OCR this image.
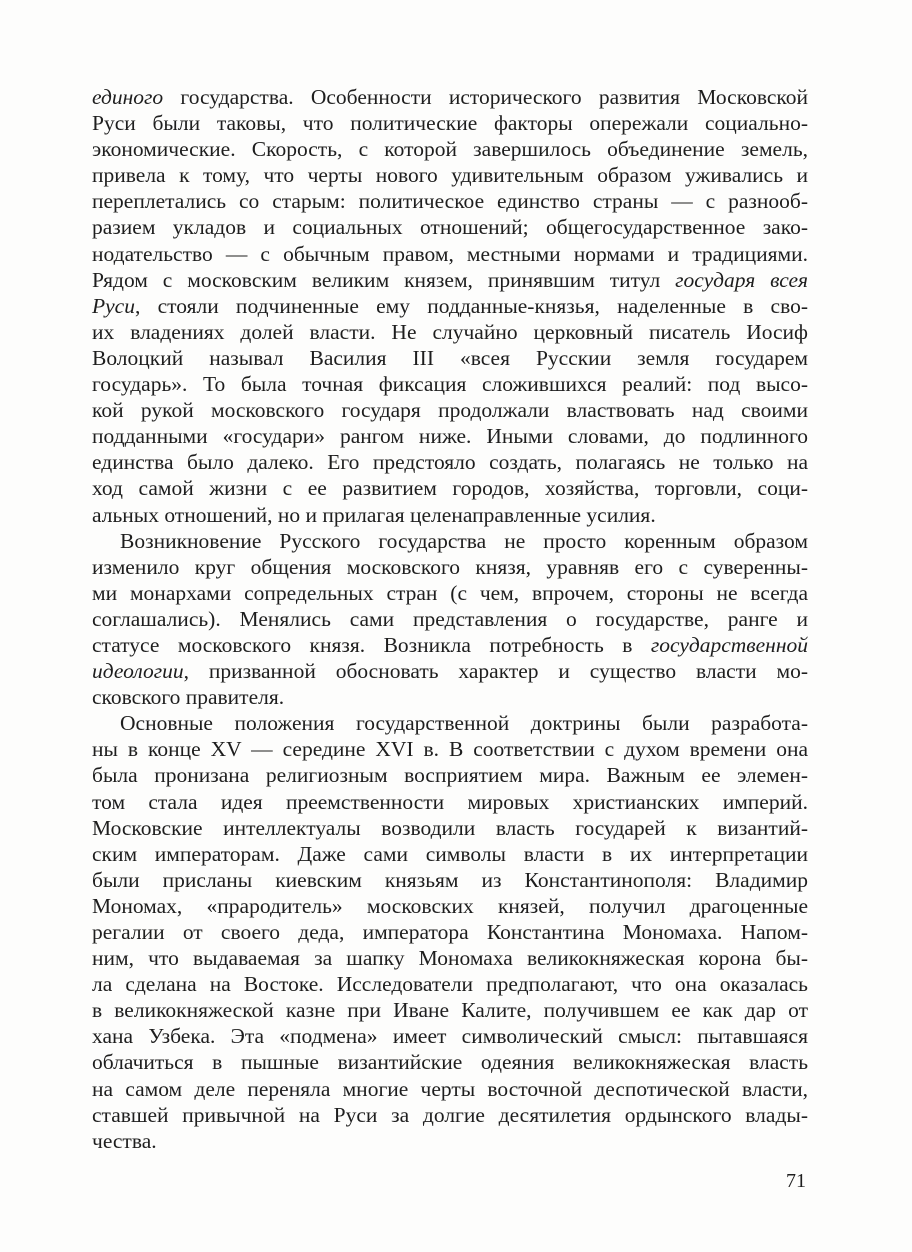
единого государства. Особенности исторического развития Московской
Руси были таковы, что политические факторы опережали социально-
экономические. Скорость, с которой завершилось объединение земель,
привела к тому, что черты нового удивительным образом уживались и
переплетались со старым: политическое единство страны — с разнооб-
разием укладов и социальных отношений; общегосударственное зако-
нодательство — с обычным правом, местными нормами и традициями.
Рядом с московским великим князем, принявшим титул государя всея
Руси, стояли подчиненные ему подданные-князья, наделенные в сво-
их владениях долей власти. Не случайно церковный писатель Иосиф
Волоцкий называл Василия III «всея Русскии земля государем
государь». То была точная фиксация сложившихся реалий: под высо-
кой рукой московского государя продолжали властвовать над своими
подданными «государи» рангом ниже. Иными словами, до подлинного
единства было далеко. Его предстояло создать, полагаясь не только на
ход самой жизни с ее развитием городов, хозяйства, торговли, соци-
альных отношений, но и прилагая целенаправленные усилия.
Возникновение Русского государства не просто коренным образом
изменило круг общения московского князя, уравняв его с суверенны-
ми монархами сопредельных стран (с чем, впрочем, стороны не всегда
соглашались). Менялись сами представления о государстве, ранге и
статусе московского князя. Возникла потребность в государственной
идеологии, призванной обосновать характер и существо власти мо-
сковского правителя.
Основные положения государственной доктрины были разработа-
ны в конце XV — середине XVI в. В соответствии с духом времени она
была пронизана религиозным восприятием мира. Важным ее элемен-
том стала идея преемственности мировых христианских империй.
Московские интеллектуалы возводили власть государей к византий-
ским императорам. Даже сами символы власти в их интерпретации
были присланы киевским князьям из Константинополя: Владимир
Мономах, «прародитель» московских князей, получил драгоценные
регалии от своего деда, императора Константина Мономаха. Напом-
ним, что выдаваемая за шапку Мономаха великокняжеская корона бы-
ла сделана на Востоке. Исследователи предполагают, что она оказалась
в великокняжеской казне при Иване Калите, получившем ее как дар от
хана Узбека. Эта «подмена» имеет символический смысл: пытавшаяся
облачиться в пышные византийские одеяния великокняжеская власть
на самом деле переняла многие черты восточной деспотической власти,
ставшей привычной на Руси за долгие десятилетия ордынского влады-
чества.
71
